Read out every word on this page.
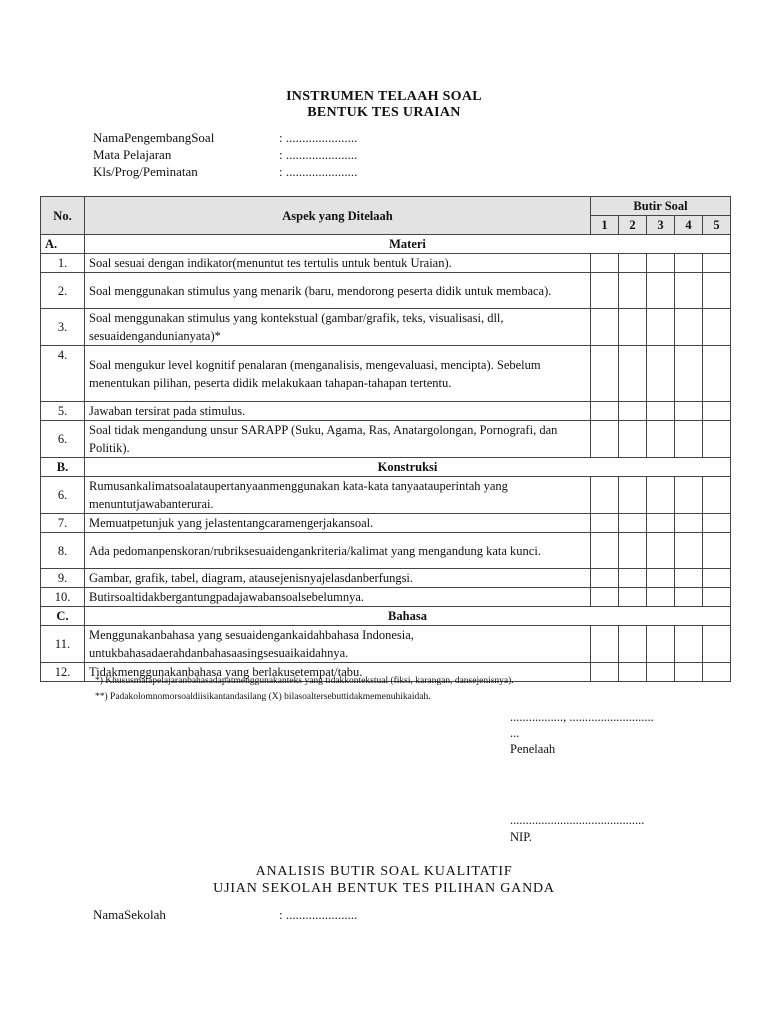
INSTRUMEN TELAAH SOAL
BENTUK TES URAIAN
NamaPengembangSoal	: ......................
Mata Pelajaran	: ......................
Kls/Prog/Peminatan	: ......................
No.	Aspek yang Ditelaah	Butir Soal				
		1	2	3	4	5
A.	Materi					
1.	Soal sesuai dengan indikator(menuntut tes tertulis untuk bentuk Uraian).					
2.	Soal menggunakan stimulus yang menarik (baru, mendorong peserta didik untuk membaca).					
3.	Soal menggunakan stimulus yang kontekstual (gambar/grafik, teks, visualisasi, dll, sesuaidengandunianyata)*					
4.	Soal mengukur level kognitif penalaran (menganalisis, mengevaluasi, mencipta). Sebelum menentukan pilihan, peserta didik melakukaan tahapan-tahapan tertentu.					
5.	Jawaban tersirat pada stimulus.					
6.	Soal tidak mengandung unsur SARAPP (Suku, Agama, Ras, Anatargolongan, Pornografi, dan Politik).					
B.	Konstruksi					
6.	Rumusankalimatsoalataupertanyaanmenggunakan kata-kata tanyaatauperintah yang menuntutjawabanterurai.					
7.	Memuatpetunjuk yang jelastentangcaramengerjakansoal.					
8.	Ada pedomanpenskoran/rubriksesuaidengankriteria/kalimat yang mengandung kata kunci.					
9.	Gambar, grafik, tabel, diagram, atausejenisnyajelasdanberfungsi.					
10.	Butirsoaltidakbergantungpadajawabansoalsebelumnya.					
C.	Bahasa					
11.	Menggunakanbahasa yang sesuaidengankaidahbahasa Indonesia, untukbahasadaerahdanbahasaasingsesuaikaidahnya.					
12.	Tidakmenggunakanbahasa yang berlakusetempat/tabu.					
*) Khususmatapelajaranbahasadapatmenggunakanteks yang tidakkontekstual (fiksi, karangan, dansejenisnya).
**) Padakolomnomorsoaldiisikantandasilang (X) bilasoaltersebuttidakmemenuhikaidah.
................., ...........................
...
Penelaah
...........................................
NIP.
ANALISIS BUTIR SOAL KUALITATIF
UJIAN SEKOLAH BENTUK TES PILIHAN GANDA
NamaSekolah	: ......................
